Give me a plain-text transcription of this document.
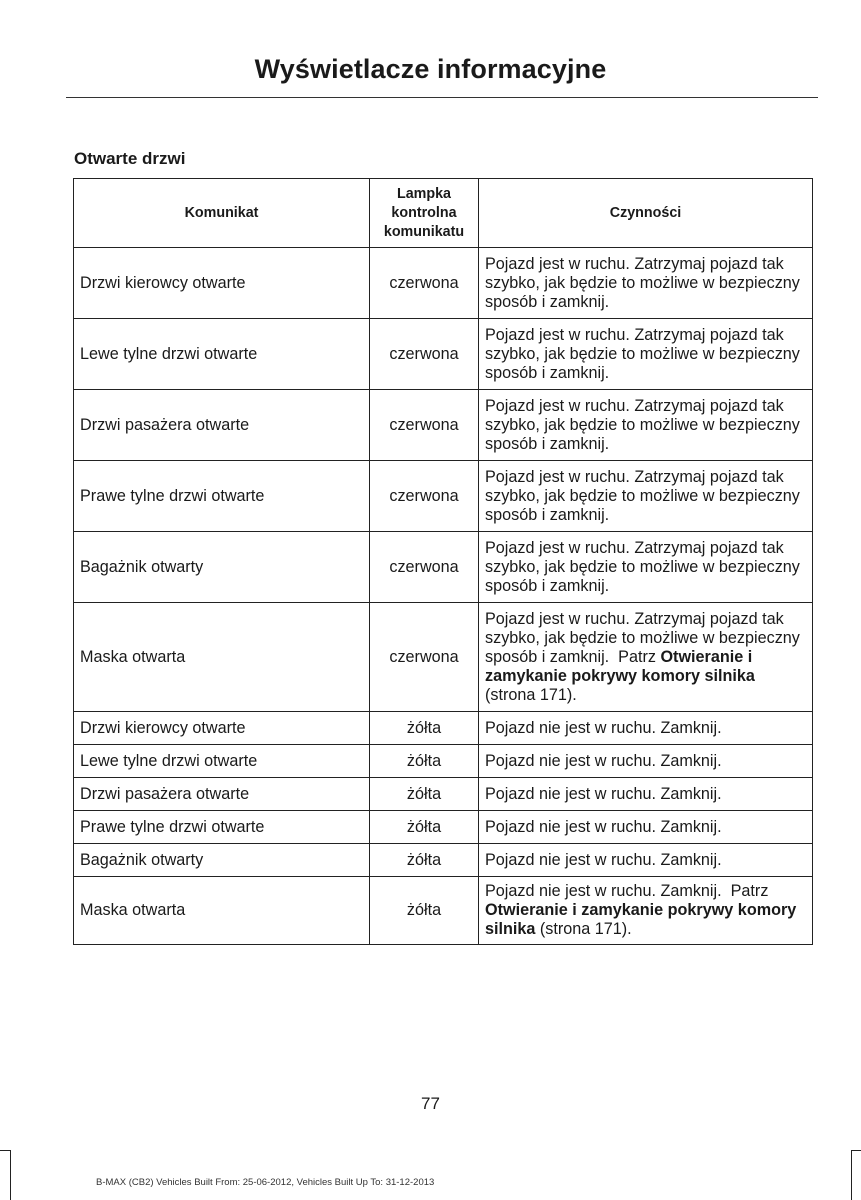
Wyświetlacze informacyjne
Otwarte drzwi
Komunikat	Lampka kontrolna komunikatu	Czynności
Drzwi kierowcy otwarte	czerwona	Pojazd jest w ruchu. Zatrzymaj pojazd tak szybko, jak będzie to możliwe w bezpieczny sposób i zamknij.
Lewe tylne drzwi otwarte	czerwona	Pojazd jest w ruchu. Zatrzymaj pojazd tak szybko, jak będzie to możliwe w bezpieczny sposób i zamknij.
Drzwi pasażera otwarte	czerwona	Pojazd jest w ruchu. Zatrzymaj pojazd tak szybko, jak będzie to możliwe w bezpieczny sposób i zamknij.
Prawe tylne drzwi otwarte	czerwona	Pojazd jest w ruchu. Zatrzymaj pojazd tak szybko, jak będzie to możliwe w bezpieczny sposób i zamknij.
Bagażnik otwarty	czerwona	Pojazd jest w ruchu. Zatrzymaj pojazd tak szybko, jak będzie to możliwe w bezpieczny sposób i zamknij.
Maska otwarta	czerwona	Pojazd jest w ruchu. Zatrzymaj pojazd tak szybko, jak będzie to możliwe w bezpieczny sposób i zamknij. Patrz Otwieranie i zamykanie pokrywy komory silnika (strona 171).
Drzwi kierowcy otwarte	żółta	Pojazd nie jest w ruchu. Zamknij.
Lewe tylne drzwi otwarte	żółta	Pojazd nie jest w ruchu. Zamknij.
Drzwi pasażera otwarte	żółta	Pojazd nie jest w ruchu. Zamknij.
Prawe tylne drzwi otwarte	żółta	Pojazd nie jest w ruchu. Zamknij.
Bagażnik otwarty	żółta	Pojazd nie jest w ruchu. Zamknij.
Maska otwarta	żółta	Pojazd nie jest w ruchu. Zamknij. Patrz Otwieranie i zamykanie pokrywy komory silnika (strona 171).
77
B-MAX (CB2) Vehicles Built From: 25-06-2012, Vehicles Built Up To: 31-12-2013
